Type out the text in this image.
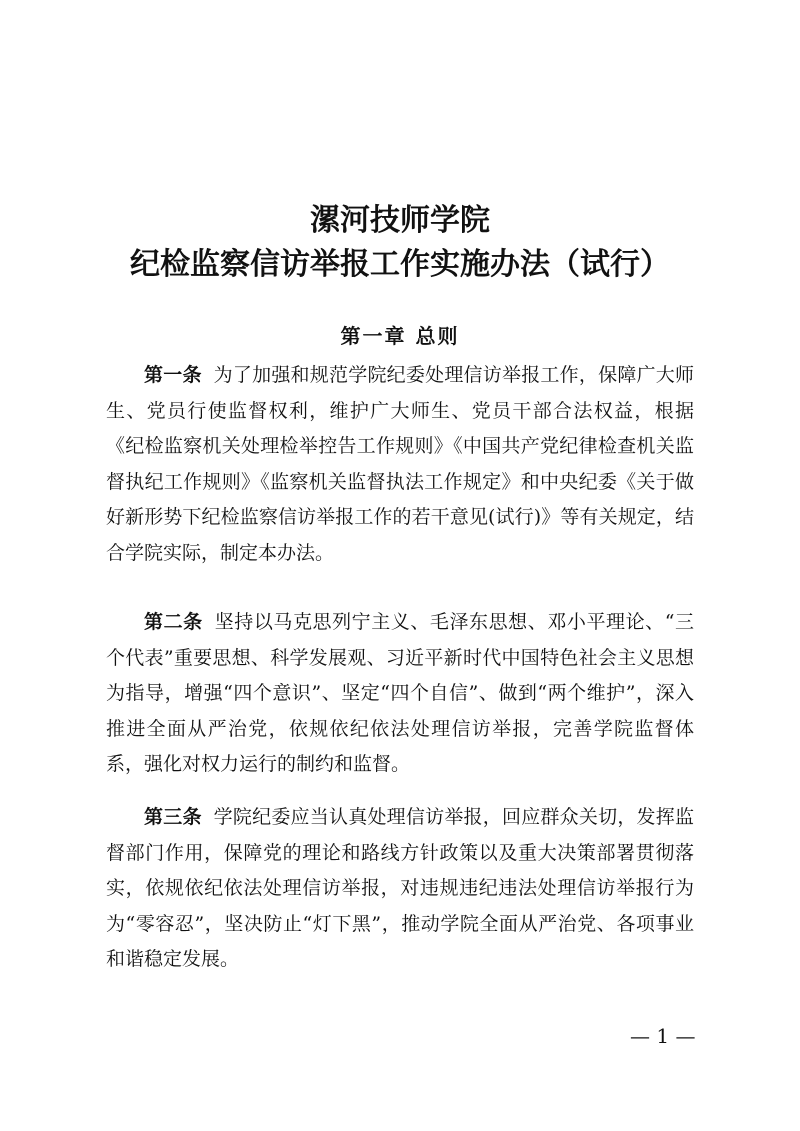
漯河技师学院
纪检监察信访举报工作实施办法（试行）
第一章 总则

第一条 为了加强和规范学院纪委处理信访举报工作，保障广大师生、党员行使监督权利，维护广大师生、党员干部合法权益，根据《纪检监察机关处理检举控告工作规则》《中国共产党纪律检查机关监督执纪工作规则》《监察机关监督执法工作规定》和中央纪委《关于做好新形势下纪检监察信访举报工作的若干意见(试行)》等有关规定，结合学院实际，制定本办法。

第二条 坚持以马克思列宁主义、毛泽东思想、邓小平理论、“三个代表”重要思想、科学发展观、习近平新时代中国特色社会主义思想为指导，增强“四个意识”、坚定“四个自信”、做到“两个维护”，深入推进全面从严治党，依规依纪依法处理信访举报，完善学院监督体系，强化对权力运行的制约和监督。

第三条 学院纪委应当认真处理信访举报，回应群众关切，发挥监督部门作用，保障党的理论和路线方针政策以及重大决策部署贯彻落实，依规依纪依法处理信访举报，对违规违纪违法处理信访举报行为为“零容忍”，坚决防止“灯下黑”，推动学院全面从严治党、各项事业和谐稳定发展。

— 1 —
